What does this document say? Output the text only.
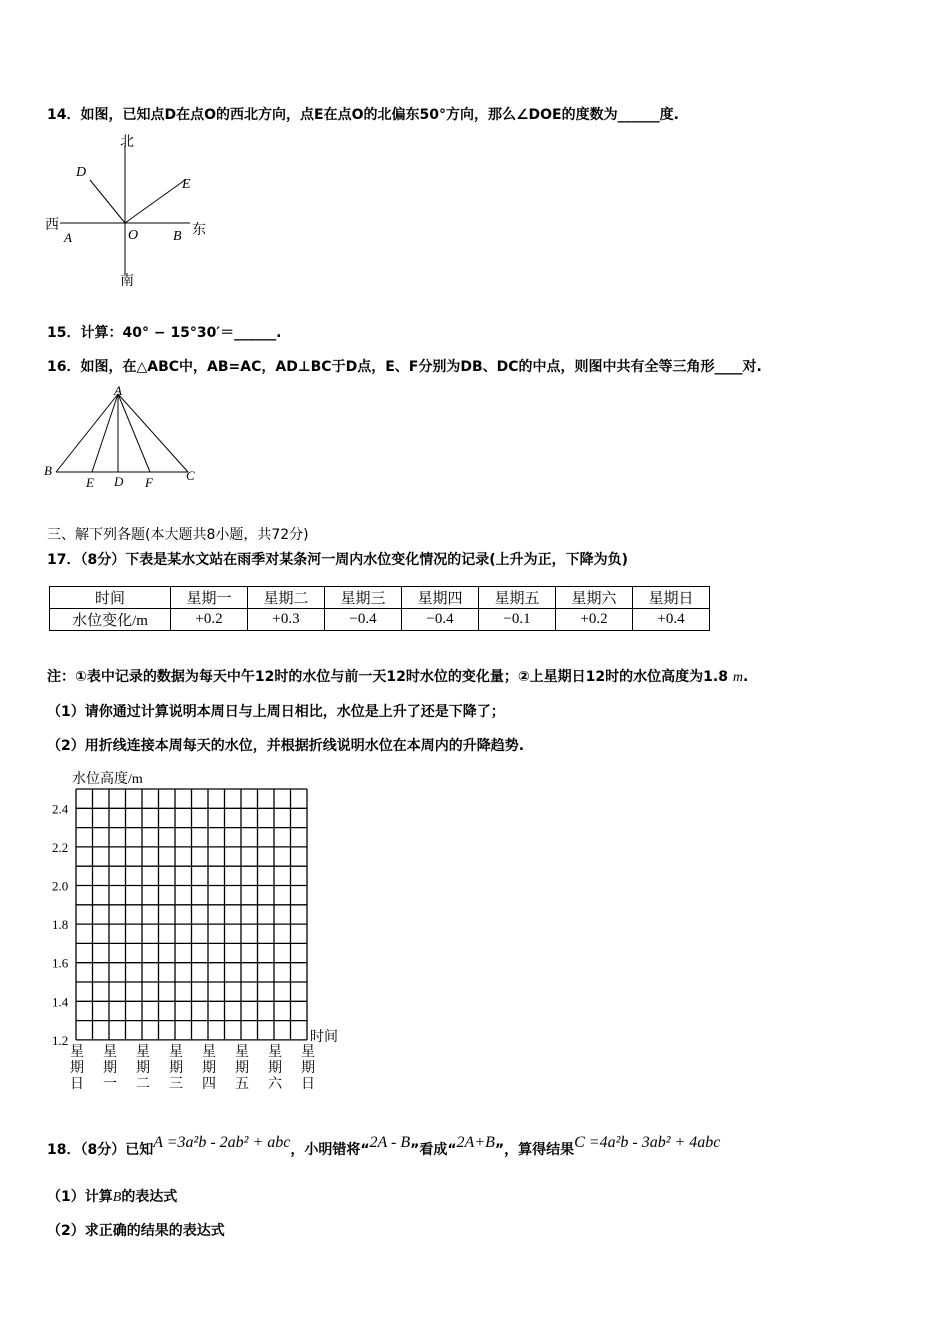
14．如图，已知点D在点O的西北方向，点E在点O的北偏东50°方向，那么∠DOE的度数为______度.
北
南
西	东
D
E
A	O B
15．计算：40° − 15°30′＝______.
16．如图，在△ABC中，AB=AC，AD⊥BC于D点，E、F分别为DB、DC的中点，则图中共有全等三角形____对.
A
B	C
D
E	F
三、解下列各题(本大题共8小题，共72分)
17．（8分）下表是某水文站在雨季对某条河一周内水位变化情况的记录(上升为正，下降为负)
时间	星期一	星期二	星期三	星期四	星期五	星期六	星期日
水位变化/m	+0.2	+0.3	−0.4	−0.4	−0.1	+0.2	+0.4
注：①表中记录的数据为每天中午12时的水位与前一天12时水位的变化量；②上星期日12时的水位高度为1.8 m.
（1）请你通过计算说明本周日与上周日相比，水位是上升了还是下降了；
（2）用折线连接本周每天的水位，并根据折线说明水位在本周内的升降趋势.
水位高度/m
时间
2.4
2.2
2.0
1.8
1.6
1.4
1.2
星
期
日
星
期
一
星
期
二
星
期
三
星
期
四
星
期
五
星
期
六
星
期
日
18．（8分）已知A =3a²b - 2ab² + abc，小明错将“2A - B”看成“2A+B”，算得结果C =4a²b - 3ab² + 4abc
（1）计算B的表达式
（2）求正确的结果的表达式
